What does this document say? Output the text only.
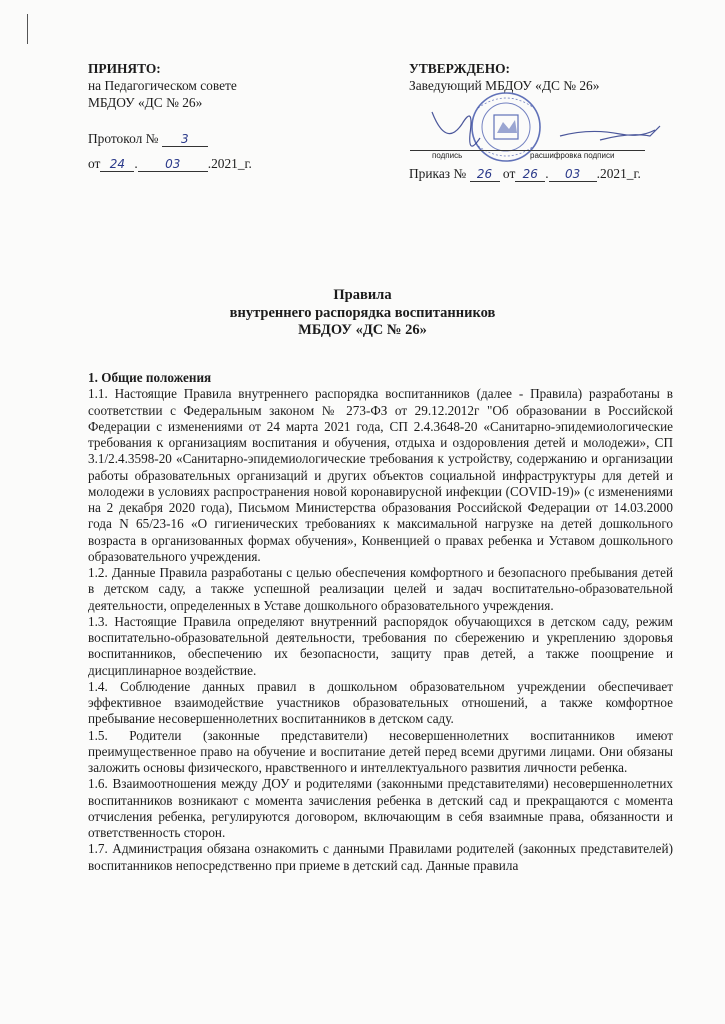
ПРИНЯТО:
на Педагогическом совете
МБДОУ «ДС № 26»
Протокол № 3
от 24 . 03 .2021_г.
УТВЕРЖДЕНО:
Заведующий МБДОУ «ДС № 26»
подпись	расшифровка подписи
Приказ № 26 от 26 . 03 .2021_г.
Правила
внутреннего распорядка воспитанников
МБДОУ «ДС № 26»

1. Общие положения

1.1. Настоящие Правила внутреннего распорядка воспитанников (далее - Правила) разработаны в соответствии с Федеральным законом № 273-ФЗ от 29.12.2012г "Об образовании в Российской Федерации с изменениями от 24 марта 2021 года, СП 2.4.3648-20 «Санитарно-эпидемиологические требования к организациям воспитания и обучения, отдыха и оздоровления детей и молодежи», СП 3.1/2.4.3598-20 «Санитарно-эпидемиологические требования к устройству, содержанию и организации работы образовательных организаций и других объектов социальной инфраструктуры для детей и молодежи в условиях распространения новой коронавирусной инфекции (COVID-19)» (с изменениями на 2 декабря 2020 года), Письмом Министерства образования Российской Федерации от 14.03.2000 года N 65/23-16 «О гигиенических требованиях к максимальной нагрузке на детей дошкольного возраста в организованных формах обучения», Конвенцией о правах ребенка и Уставом дошкольного образовательного учреждения.

1.2. Данные Правила разработаны с целью обеспечения комфортного и безопасного пребывания детей в детском саду, а также успешной реализации целей и задач воспитательно-образовательной деятельности, определенных в Уставе дошкольного образовательного учреждения.

1.3. Настоящие Правила определяют внутренний распорядок обучающихся в детском саду, режим воспитательно-образовательной деятельности, требования по сбережению и укреплению здоровья воспитанников, обеспечению их безопасности, защиту прав детей, а также поощрение и дисциплинарное воздействие.

1.4. Соблюдение данных правил в дошкольном образовательном учреждении обеспечивает эффективное взаимодействие участников образовательных отношений, а также комфортное пребывание несовершеннолетних воспитанников в детском саду.

1.5. Родители (законные представители) несовершеннолетних воспитанников имеют преимущественное право на обучение и воспитание детей перед всеми другими лицами. Они обязаны заложить основы физического, нравственного и интеллектуального развития личности ребенка.

1.6. Взаимоотношения между ДОУ и родителями (законными представителями) несовершеннолетних воспитанников возникают с момента зачисления ребенка в детский сад и прекращаются с момента отчисления ребенка, регулируются договором, включающим в себя взаимные права, обязанности и ответственность сторон.

1.7. Администрация обязана ознакомить с данными Правилами родителей (законных представителей) воспитанников непосредственно при приеме в детский сад. Данные правила
